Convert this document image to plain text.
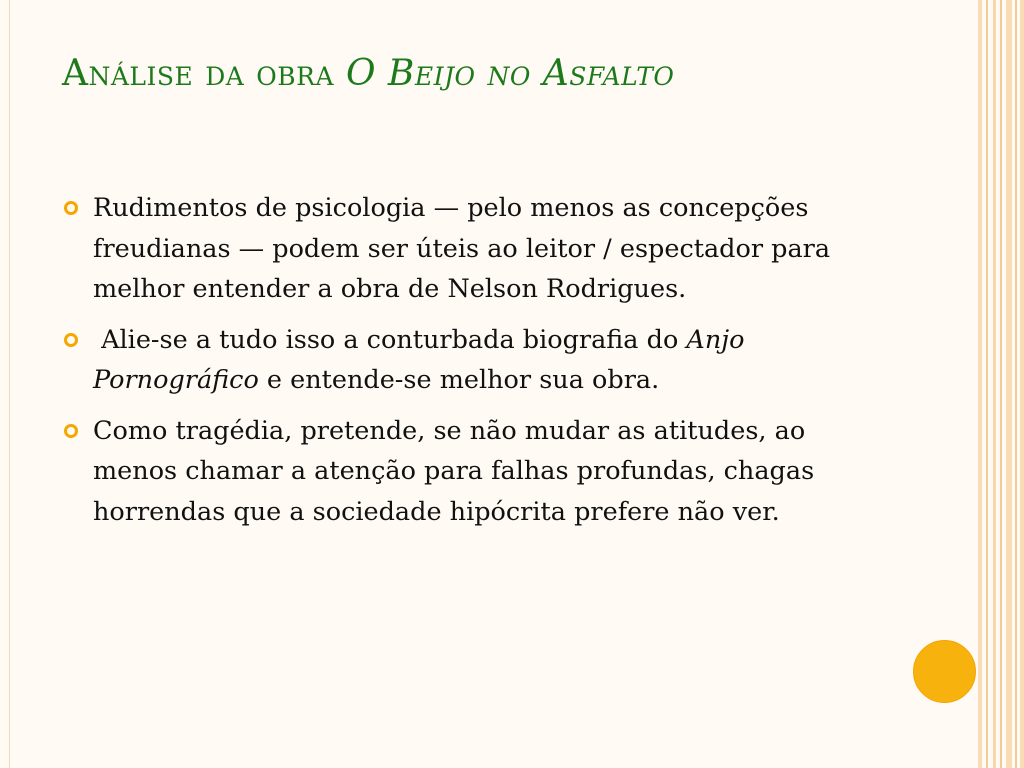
Análise da obra O Beijo no Asfalto
Rudimentos de psicologia — pelo menos as concepções freudianas — podem ser úteis ao leitor / espectador para melhor entender a obra de Nelson Rodrigues.
Alie-se a tudo isso a conturbada biografia do Anjo Pornográfico e entende-se melhor sua obra.
Como tragédia, pretende, se não mudar as atitudes, ao menos chamar a atenção para falhas profundas, chagas horrendas que a sociedade hipócrita prefere não ver.
